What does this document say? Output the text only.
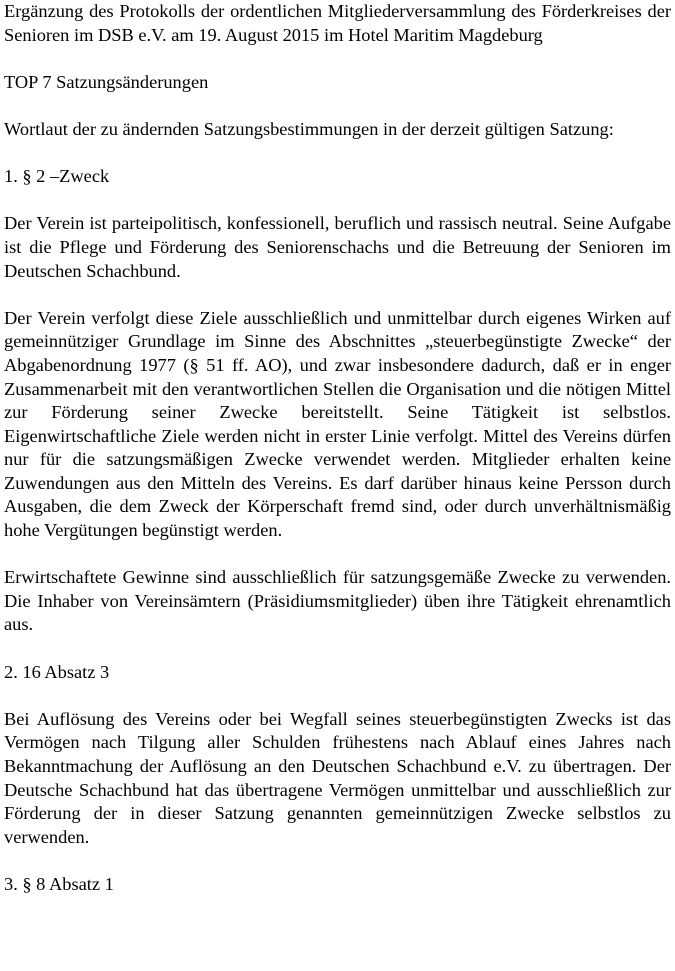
Ergänzung des Protokolls der ordentlichen Mitgliederversammlung des Förderkreises der Senioren im DSB e.V. am 19. August 2015 im Hotel Maritim Magdeburg

TOP 7 Satzungsänderungen

Wortlaut der zu ändernden Satzungsbestimmungen in der derzeit gültigen Satzung:

1. § 2 –Zweck

Der Verein ist parteipolitisch, konfessionell, beruflich und rassisch neutral. Seine Aufgabe ist die Pflege und Förderung des Seniorenschachs und die Betreuung der Senioren im Deutschen Schachbund.

Der Verein verfolgt diese Ziele ausschließlich und unmittelbar durch eigenes Wirken auf gemeinnütziger Grundlage im Sinne des Abschnittes „steuerbegünstigte Zwecke“ der Abgabenordnung 1977 (§ 51 ff. AO), und zwar insbesondere dadurch, daß er in enger Zusammenarbeit mit den verantwortlichen Stellen die Organisation und die nötigen Mittel zur Förderung seiner Zwecke bereitstellt. Seine Tätigkeit ist selbstlos. Eigenwirtschaftliche Ziele werden nicht in erster Linie verfolgt. Mittel des Vereins dürfen nur für die satzungsmäßigen Zwecke verwendet werden. Mitglieder erhalten keine Zuwendungen aus den Mitteln des Vereins. Es darf darüber hinaus keine Persson durch Ausgaben, die dem Zweck der Körperschaft fremd sind, oder durch unverhältnismäßig hohe Vergütungen begünstigt werden.

Erwirtschaftete Gewinne sind ausschließlich für satzungsgemäße Zwecke zu verwenden. Die Inhaber von Vereinsämtern (Präsidiumsmitglieder) üben ihre Tätigkeit ehrenamtlich aus.

2. 16 Absatz 3

Bei Auflösung des Vereins oder bei Wegfall seines steuerbegünstigten Zwecks ist das Vermögen nach Tilgung aller Schulden frühestens nach Ablauf eines Jahres nach Bekanntmachung der Auflösung an den Deutschen Schachbund e.V. zu übertragen. Der Deutsche Schachbund hat das übertragene Vermögen unmittelbar und ausschließlich zur Förderung der in dieser Satzung genannten gemeinnützigen Zwecke selbstlos zu verwenden.

3. § 8 Absatz 1
